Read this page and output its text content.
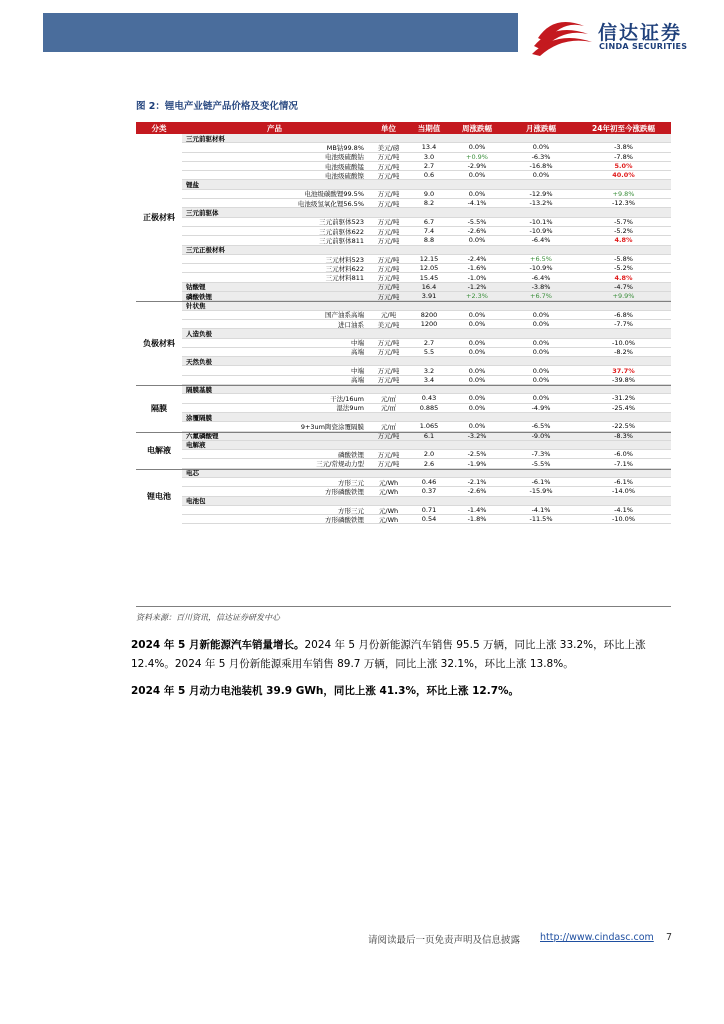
信达证券
CINDA SECURITIES
图 2：锂电产业链产品价格及变化情况
分类	产品	单位	当期值	周涨跌幅	月涨跌幅	24年初至今涨跌幅
正极材料
三元前驱材料
MB钴99.8%	美元/磅	13.4	0.0%	0.0%	-3.8%
电池级硫酸钴	万元/吨	3.0	+0.9%	-6.3%	-7.8%
电池级硫酸锰	万元/吨	2.7	-2.9%	-16.8%	5.0%
电池级硫酸镍	万元/吨	0.6	0.0%	0.0%	40.0%
锂盐
电池级碳酸锂99.5%	万元/吨	9.0	0.0%	-12.9%	+9.8%
电池级氢氧化锂56.5%	万元/吨	8.2	-4.1%	-13.2%	-12.3%
三元前驱体
三元前驱体523	万元/吨	6.7	-5.5%	-10.1%	-5.7%
三元前驱体622	万元/吨	7.4	-2.6%	-10.9%	-5.2%
三元前驱体811	万元/吨	8.8	0.0%	-6.4%	4.8%
三元正极材料
三元材料523	万元/吨	12.15	-2.4%	+6.5%	-5.8%
三元材料622	万元/吨	12.05	-1.6%	-10.9%	-5.2%
三元材料811	万元/吨	15.45	-1.0%	-6.4%	4.8%
钴酸锂	万元/吨	16.4	-1.2%	-3.8%	-4.7%
磷酸铁锂	万元/吨	3.91	+2.3%	+6.7%	+9.9%
负极材料
针状焦
国产油系高端	元/吨	8200	0.0%	0.0%	-6.8%
进口油系	美元/吨	1200	0.0%	0.0%	-7.7%
人造负极
中端	万元/吨	2.7	0.0%	0.0%	-10.0%
高端	万元/吨	5.5	0.0%	0.0%	-8.2%
天然负极
中端	万元/吨	3.2	0.0%	0.0%	37.7%
高端	万元/吨	3.4	0.0%	0.0%	-39.8%
隔膜
隔膜基膜
干法/16um	元/㎡	0.43	0.0%	0.0%	-31.2%
湿法9um	元/㎡	0.885	0.0%	-4.9%	-25.4%
涂覆隔膜
9+3um陶瓷涂覆隔膜	元/㎡	1.065	0.0%	-6.5%	-22.5%
电解液
六氟磷酸锂	万元/吨	6.1	-3.2%	-9.0%	-8.3%
电解液
磷酸铁锂	万元/吨	2.0	-2.5%	-7.3%	-6.0%
三元/常规动力型	万元/吨	2.6	-1.9%	-5.5%	-7.1%
锂电池
电芯
方形三元	元/Wh	0.46	-2.1%	-6.1%	-6.1%
方形磷酸铁锂	元/Wh	0.37	-2.6%	-15.9%	-14.0%
电池包
方形三元	元/Wh	0.71	-1.4%	-4.1%	-4.1%
方形磷酸铁锂	元/Wh	0.54	-1.8%	-11.5%	-10.0%
资料来源：百川资讯，信达证券研发中心
2024 年 5 月新能源汽车销量增长。2024 年 5 月份新能源汽车销售 95.5 万辆，同比上涨 33.2%，环比上涨 12.4%。2024 年 5 月份新能源乘用车销售 89.7 万辆，同比上涨 32.1%，环比上涨 13.8%。
2024 年 5 月动力电池装机 39.9 GWh，同比上涨 41.3%，环比上涨 12.7%。
请阅读最后一页免责声明及信息披露 http://www.cindasc.com 7
